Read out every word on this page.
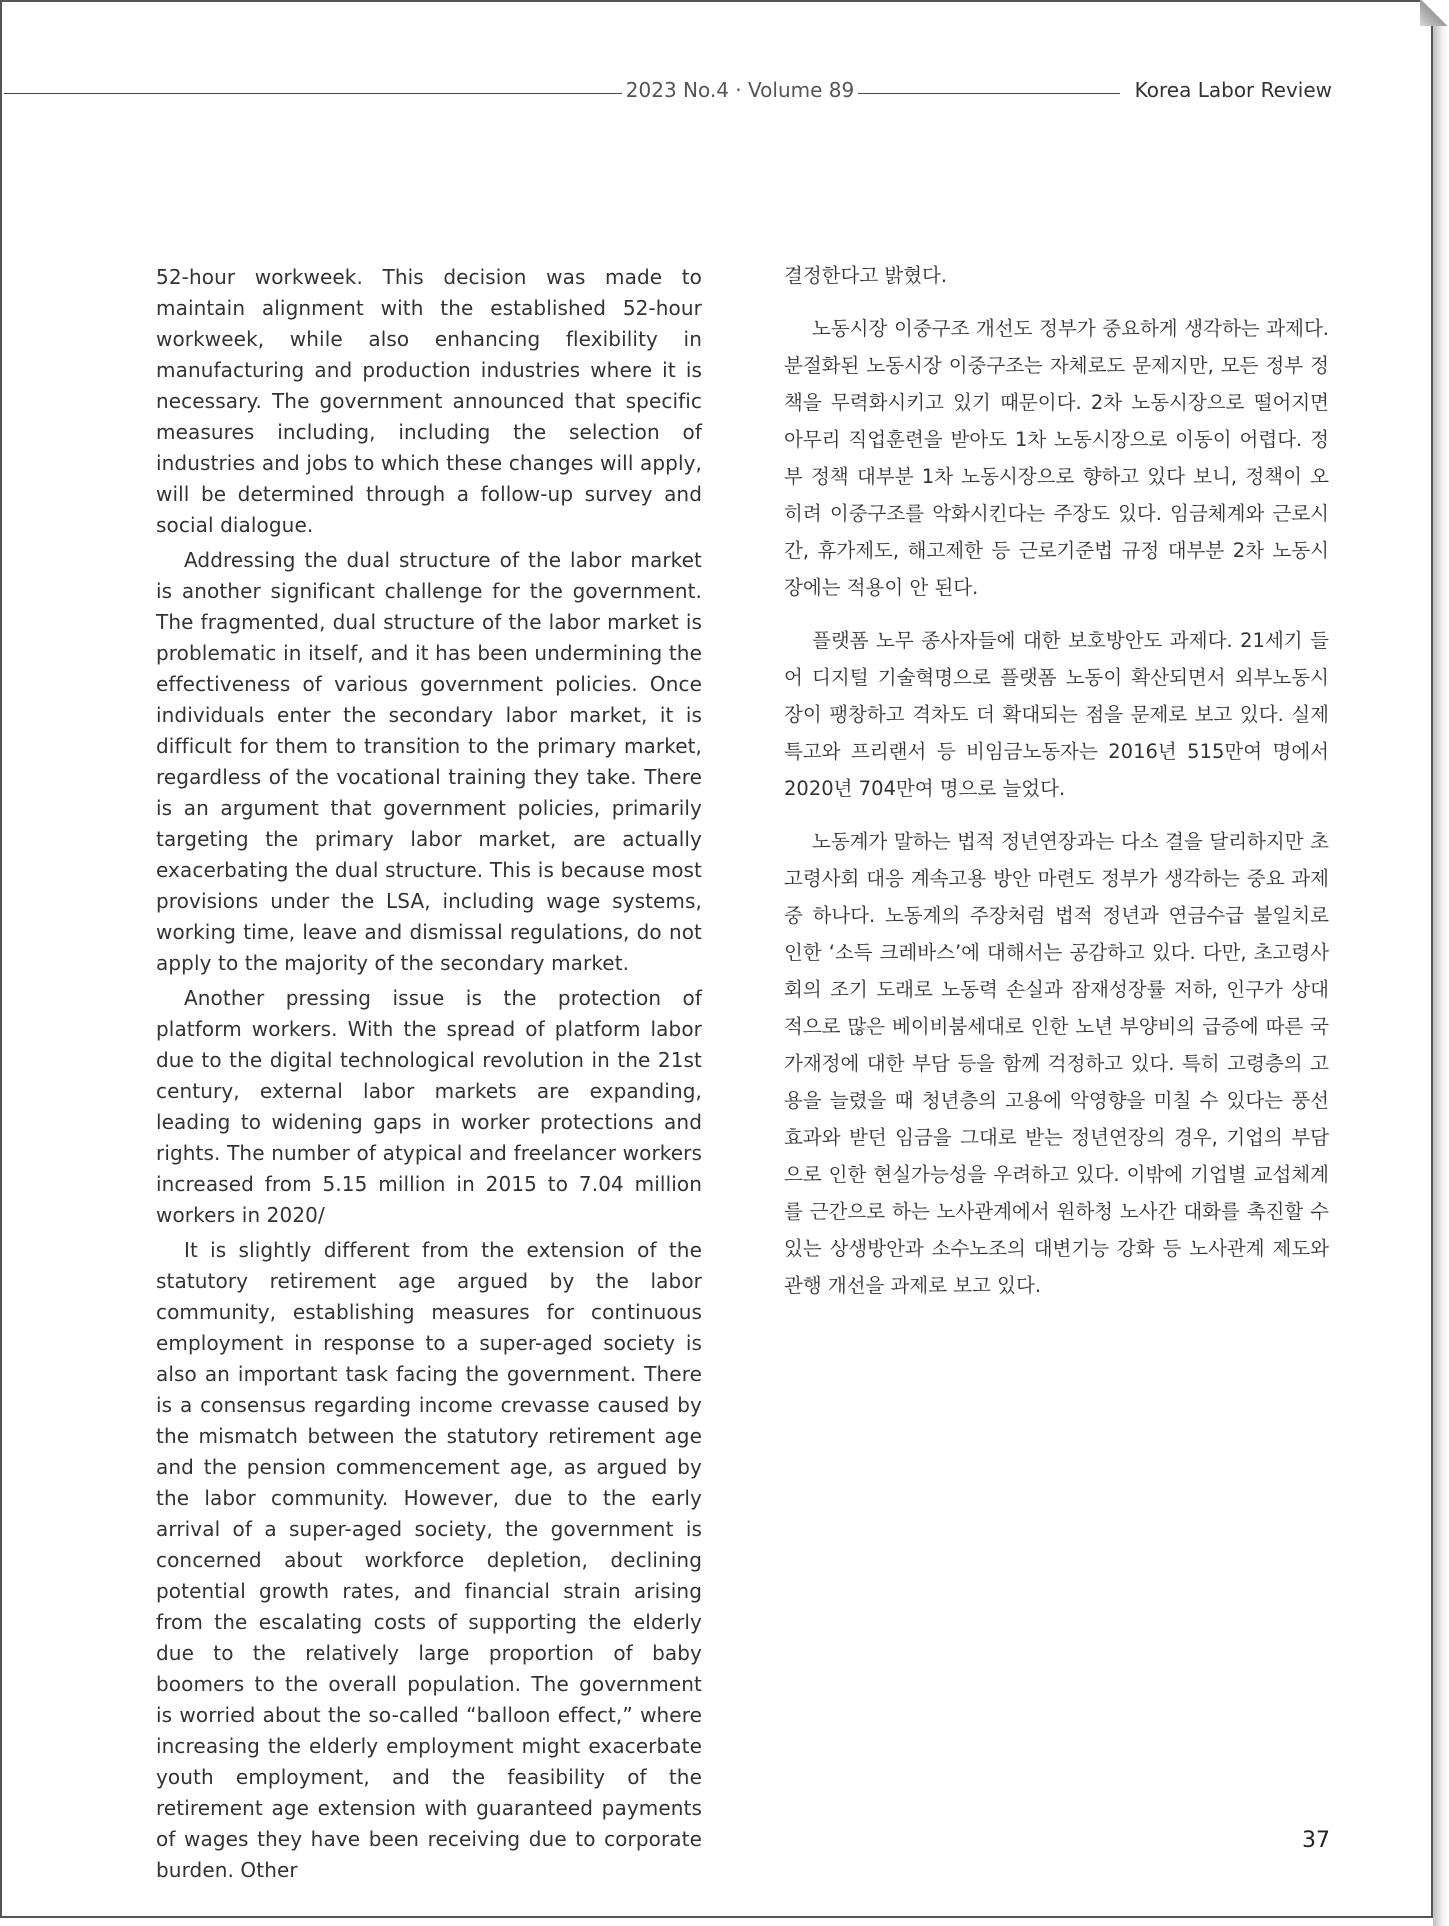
2023 No.4 · Volume 89	Korea Labor Review

52-hour workweek. This decision was made to maintain alignment with the established 52-hour workweek, while also enhancing flexibility in manufacturing and production industries where it is necessary. The government announced that specific measures including, including the selection of industries and jobs to which these changes will apply, will be determined through a follow-up survey and social dialogue.

Addressing the dual structure of the labor market is another significant challenge for the government. The fragmented, dual structure of the labor market is problematic in itself, and it has been undermining the effectiveness of various government policies. Once individuals enter the secondary labor market, it is difficult for them to transition to the primary market, regardless of the vocational training they take. There is an argument that government policies, primarily targeting the primary labor market, are actually exacerbating the dual structure. This is because most provisions under the LSA, including wage systems, working time, leave and dismissal regulations, do not apply to the majority of the secondary market.

Another pressing issue is the protection of platform workers. With the spread of platform labor due to the digital technological revolution in the 21st century, external labor markets are expanding, leading to widening gaps in worker protections and rights. The number of atypical and freelancer workers increased from 5.15 million in 2015 to 7.04 million workers in 2020/

It is slightly different from the extension of the statutory retirement age argued by the labor community, establishing measures for continuous employment in response to a super-aged society is also an important task facing the government. There is a consensus regarding income crevasse caused by the mismatch between the statutory retirement age and the pension commencement age, as argued by the labor community. However, due to the early arrival of a super-aged society, the government is concerned about workforce depletion, declining potential growth rates, and financial strain arising from the escalating costs of supporting the elderly due to the relatively large proportion of baby boomers to the overall population. The government is worried about the so-called “balloon effect,” where increasing the elderly employment might exacerbate youth employment, and the feasibility of the retirement age extension with guaranteed payments of wages they have been receiving due to corporate burden. Other

결정한다고 밝혔다.

노동시장 이중구조 개선도 정부가 중요하게 생각하는 과제다. 분절화된 노동시장 이중구조는 자체로도 문제지만, 모든 정부 정책을 무력화시키고 있기 때문이다. 2차 노동시장으로 떨어지면 아무리 직업훈련을 받아도 1차 노동시장으로 이동이 어렵다. 정부 정책 대부분 1차 노동시장으로 향하고 있다 보니, 정책이 오히려 이중구조를 악화시킨다는 주장도 있다. 임금체계와 근로시간, 휴가제도, 해고제한 등 근로기준법 규정 대부분 2차 노동시장에는 적용이 안 된다.

플랫폼 노무 종사자들에 대한 보호방안도 과제다. 21세기 들어 디지털 기술혁명으로 플랫폼 노동이 확산되면서 외부노동시장이 팽창하고 격차도 더 확대되는 점을 문제로 보고 있다. 실제 특고와 프리랜서 등 비임금노동자는 2016년 515만여 명에서 2020년 704만여 명으로 늘었다.

노동계가 말하는 법적 정년연장과는 다소 결을 달리하지만 초고령사회 대응 계속고용 방안 마련도 정부가 생각하는 중요 과제 중 하나다. 노동계의 주장처럼 법적 정년과 연금수급 불일치로 인한 ‘소득 크레바스’에 대해서는 공감하고 있다. 다만, 초고령사회의 조기 도래로 노동력 손실과 잠재성장률 저하, 인구가 상대적으로 많은 베이비붐세대로 인한 노년 부양비의 급증에 따른 국가재정에 대한 부담 등을 함께 걱정하고 있다. 특히 고령층의 고용을 늘렸을 때 청년층의 고용에 악영향을 미칠 수 있다는 풍선효과와 받던 임금을 그대로 받는 정년연장의 경우, 기업의 부담으로 인한 현실가능성을 우려하고 있다. 이밖에 기업별 교섭체계를 근간으로 하는 노사관계에서 원하청 노사간 대화를 촉진할 수 있는 상생방안과 소수노조의 대변기능 강화 등 노사관계 제도와 관행 개선을 과제로 보고 있다.

37
